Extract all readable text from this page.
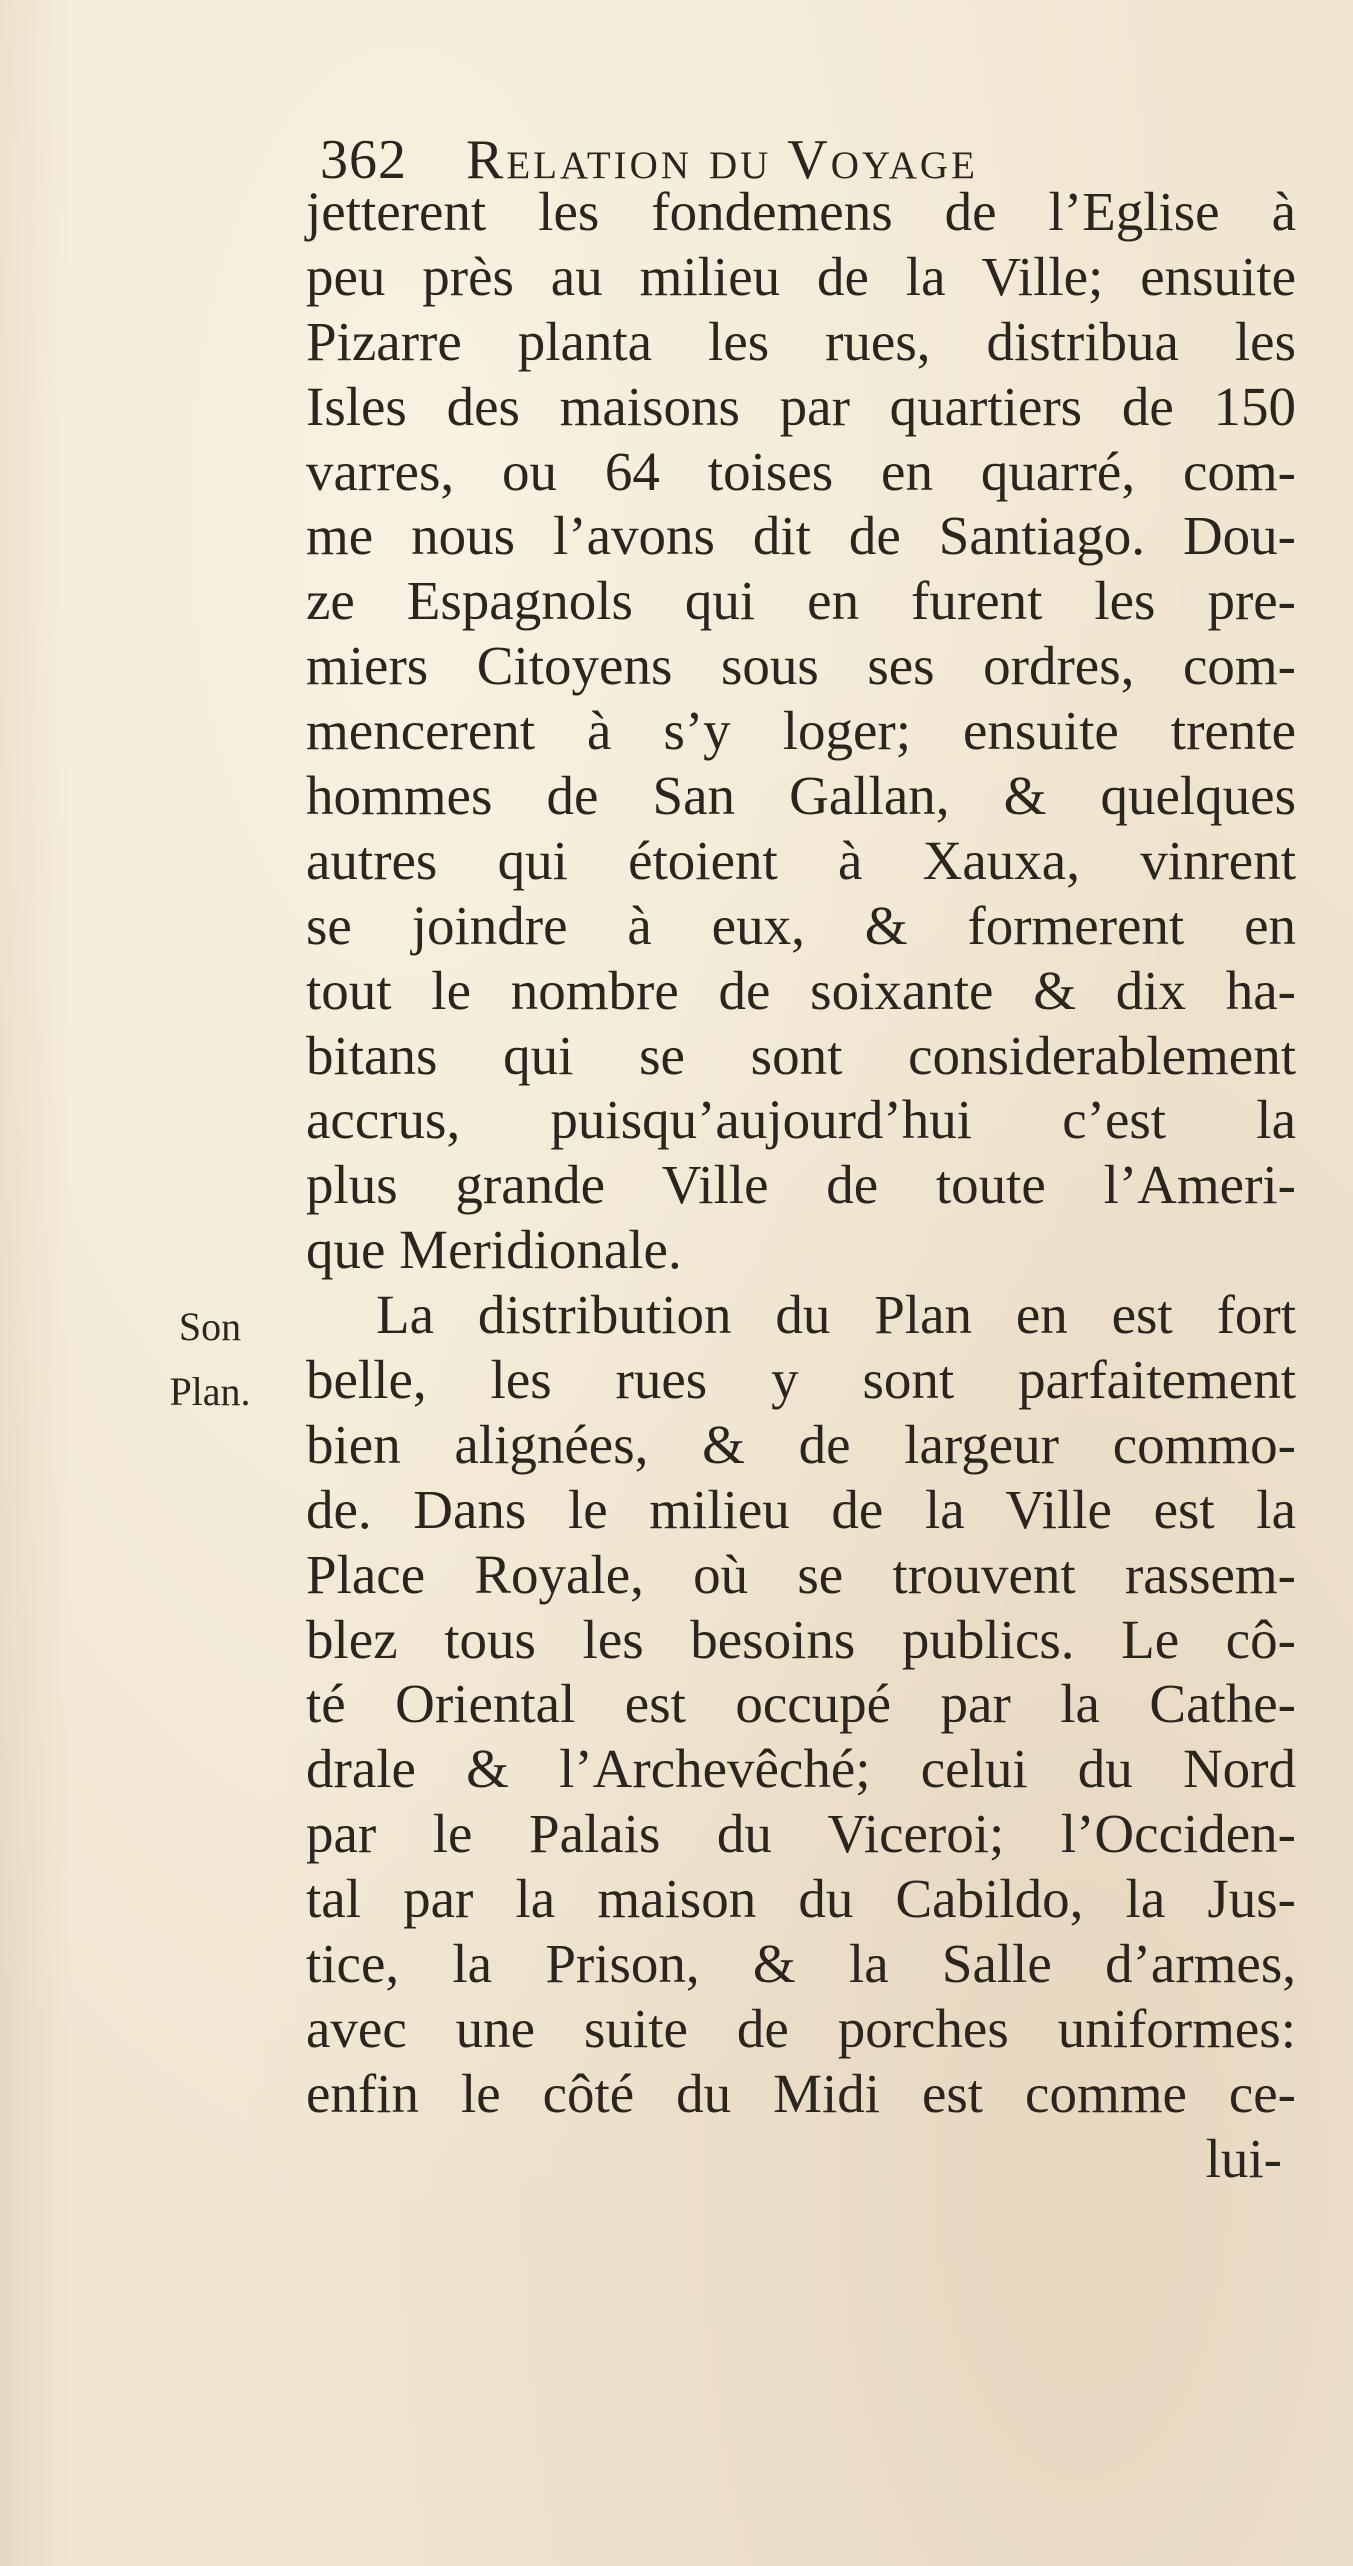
362 Relation du Voyage
jetterent les fondemens de l’Eglise à
peu près au milieu de la Ville; ensuite
Pizarre planta les rues, distribua les
Isles des maisons par quartiers de 150
varres, ou 64 toises en quarré, com-
me nous l’avons dit de Santiago. Dou-
ze Espagnols qui en furent les pre-
miers Citoyens sous ses ordres, com-
mencerent à s’y loger; ensuite trente
hommes de San Gallan, & quelques
autres qui étoient à Xauxa, vinrent
se joindre à eux, & formerent en
tout le nombre de soixante & dix ha-
bitans qui se sont considerablement
accrus, puisqu’aujourd’hui c’est la
plus grande Ville de toute l’Ameri-
que Meridionale.
La distribution du Plan en est fort
belle, les rues y sont parfaitement
bien alignées, & de largeur commo-
de. Dans le milieu de la Ville est la
Place Royale, où se trouvent rassem-
blez tous les besoins publics. Le cô-
té Oriental est occupé par la Cathe-
drale & l’Archevêché; celui du Nord
par le Palais du Viceroi; l’Occiden-
tal par la maison du Cabildo, la Jus-
tice, la Prison, & la Salle d’armes,
avec une suite de porches uniformes:
enfin le côté du Midi est comme ce-
lui-
Son
Plan.
